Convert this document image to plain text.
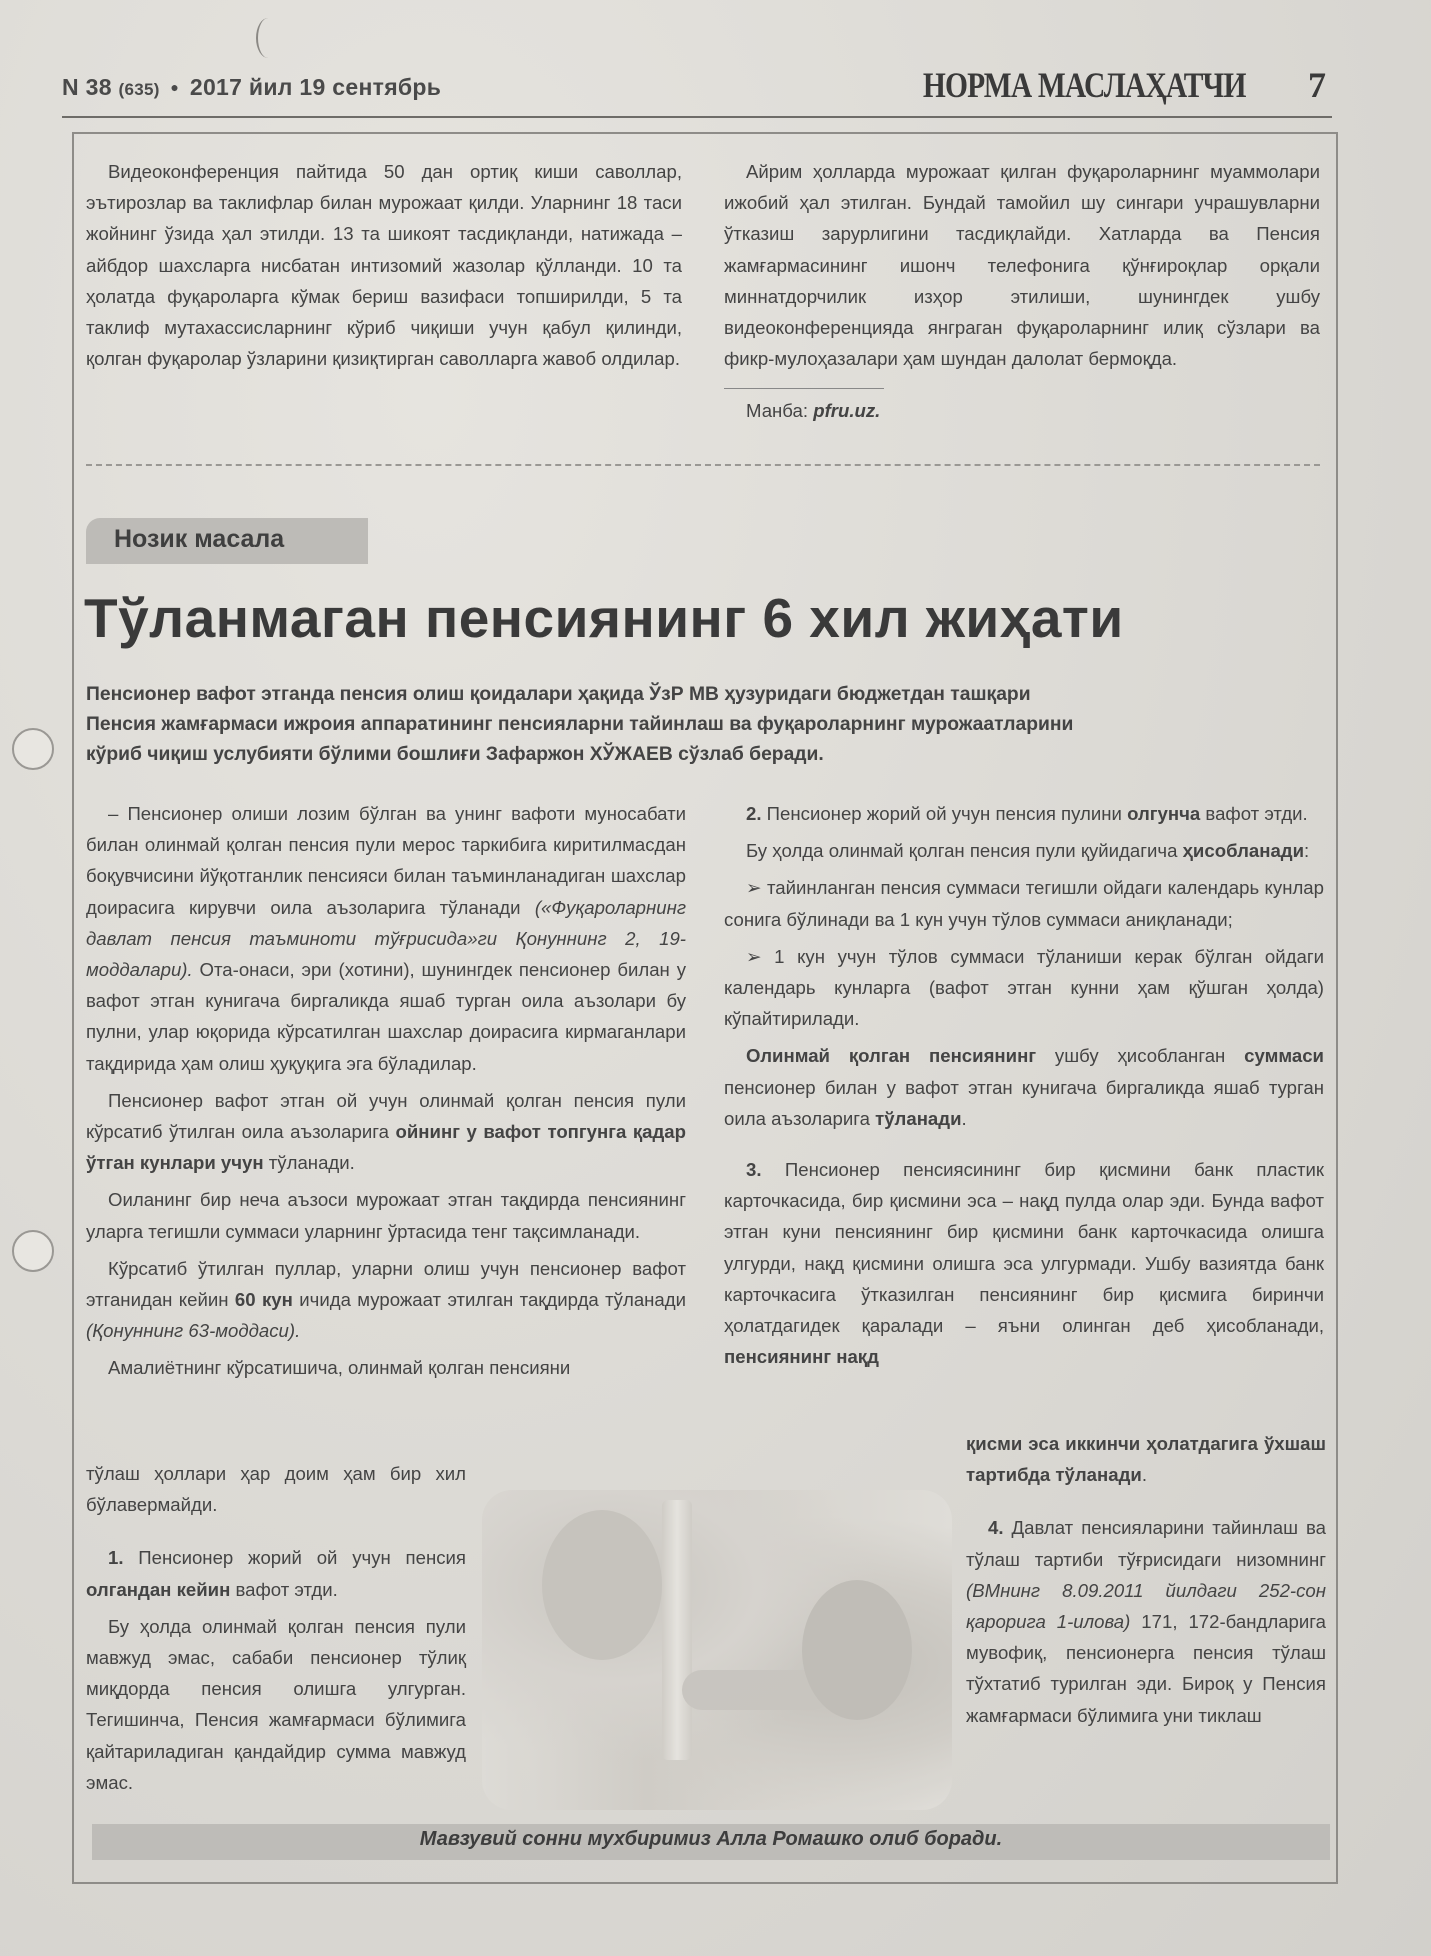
N 38 (635) ● 2017 йил 19 сентябрь	НОРМА МАСЛАҲАТЧИ 7

Видеоконференция пайтида 50 дан ортиқ киши саволлар, эътирозлар ва таклифлар билан мурожаат қилди. Уларнинг 18 таси жойнинг ўзида ҳал этилди. 13 та шикоят тасдиқланди, натижада – айбдор шахсларга нисбатан интизомий жазолар қўлланди. 10 та ҳолатда фуқароларга кўмак бериш вазифаси топширилди, 5 та таклиф мутахассисларнинг кўриб чиқиши учун қабул қилинди, қолган фуқаролар ўзларини қизиқтирган саволларга жавоб олдилар.

Айрим ҳолларда мурожаат қилган фуқароларнинг муаммолари ижобий ҳал этилган. Бундай тамойил шу сингари учрашувларни ўтказиш зарурлигини тасдиқлайди. Хатларда ва Пенсия жамғармасининг ишонч телефонига қўнғироқлар орқали миннатдорчилик изҳор этилиши, шунингдек ушбу видеоконференцияда янграган фуқароларнинг илиқ сўзлари ва фикр-мулоҳазалари ҳам шундан далолат бермоқда.

Манба: pfru.uz.

Нозик масала
Тўланмаган пенсиянинг 6 хил жиҳати
Пенсионер вафот этганда пенсия олиш қоидалари ҳақида ЎзР МВ ҳузуридаги бюджетдан ташқари
Пенсия жамғармаси ижроия аппаратининг пенсияларни тайинлаш ва фуқароларнинг мурожаатларини
кўриб чиқиш услубияти бўлими бошлиғи Зафаржон ХЎЖАЕВ сўзлаб беради.

– Пенсионер олиши лозим бўлган ва унинг вафоти муносабати билан олинмай қолган пенсия пули мерос таркибига киритилмасдан боқувчисини йўқотганлик пенсияси билан таъминланадиган шахслар доирасига кирувчи оила аъзоларига тўланади («Фуқароларнинг давлат пенсия таъминоти тўғрисида»ги Қонуннинг 2, 19-моддалари). Ота-онаси, эри (хотини), шунингдек пенсионер билан у вафот этган кунигача биргаликда яшаб турган оила аъзолари бу пулни, улар юқорида кўрсатилган шахслар доирасига кирмаганлари тақдирида ҳам олиш ҳуқуқига эга бўладилар.

Пенсионер вафот этган ой учун олинмай қолган пенсия пули кўрсатиб ўтилган оила аъзоларига ойнинг у вафот топгунга қадар ўтган кунлари учун тўланади.

Оиланинг бир неча аъзоси мурожаат этган тақдирда пенсиянинг уларга тегишли суммаси уларнинг ўртасида тенг тақсимланади.

Кўрсатиб ўтилган пуллар, уларни олиш учун пенсионер вафот этганидан кейин 60 кун ичида мурожаат этилган тақдирда тўланади (Қонуннинг 63-моддаси).

Амалиётнинг кўрсатишича, олинмай қолган пенсияни

тўлаш ҳоллари ҳар доим ҳам бир хил бўлавермайди.

1. Пенсионер жорий ой учун пенсия олгандан кейин вафот этди.

Бу ҳолда олинмай қолган пенсия пули мавжуд эмас, сабаби пенсионер тўлиқ миқдорда пенсия олишга улгурган. Тегишинча, Пенсия жамғармаси бўлимига қайтариладиган қандайдир сумма мавжуд эмас.

2. Пенсионер жорий ой учун пенсия пулини олгунча вафот этди.

Бу ҳолда олинмай қолган пенсия пули қуйидагича ҳисобланади:

➢ тайинланган пенсия суммаси тегишли ойдаги календарь кунлар сонига бўлинади ва 1 кун учун тўлов суммаси аниқланади;

➢ 1 кун учун тўлов суммаси тўланиши керак бўлган ойдаги календарь кунларга (вафот этган кунни ҳам қўшган ҳолда) кўпайтирилади.

Олинмай қолган пенсиянинг ушбу ҳисобланган суммаси пенсионер билан у вафот этган кунигача биргаликда яшаб турган оила аъзоларига тўланади.

3. Пенсионер пенсиясининг бир қисмини банк пластик карточкасида, бир қисмини эса – нақд пулда олар эди. Бунда вафот этган куни пенсиянинг бир қисмини банк карточкасида олишга улгурди, нақд қисмини олишга эса улгурмади. Ушбу вазиятда банк карточкасига ўтказилган пенсиянинг бир қисмига биринчи ҳолатдагидек қаралади – яъни олинган деб ҳисобланади, пенсиянинг нақд

қисми эса иккинчи ҳолатдагига ўхшаш тартибда тўланади.

4. Давлат пенсияларини тайинлаш ва тўлаш тартиби тўғрисидаги низомнинг (ВМнинг 8.09.2011 йилдаги 252-сон қарорига 1-илова) 171, 172-бандларига мувофиқ, пенсионерга пенсия тўлаш тўхтатиб турилган эди. Бироқ у Пенсия жамғармаси бўлимига уни тиклаш

Мавзувий сонни мухбиримиз Алла Ромашко олиб боради.
